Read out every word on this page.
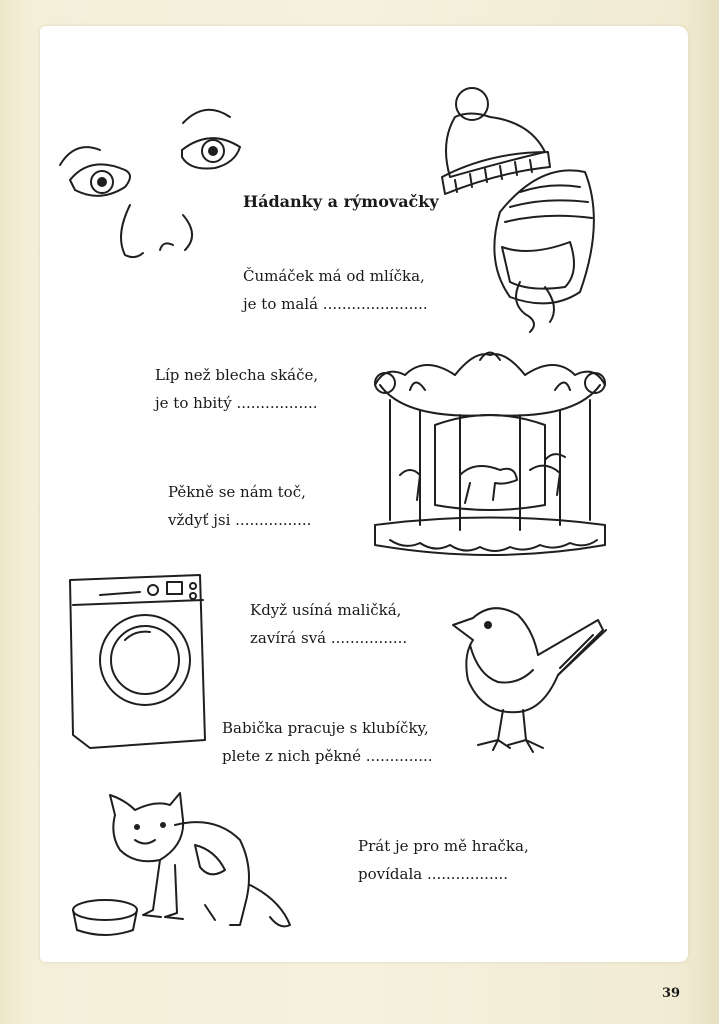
Hádanky a rýmovačky
Čumáček má od mlíčka,
je to malá ......................
Líp než blecha skáče,
je to hbitý .................
Pěkně se nám toč,
vždyť jsi ................
Když usíná maličká,
zavírá svá ................
Babička pracuje s klubíčky,
plete z nich pěkné ..............
Prát je pro mě hračka,
povídala .................
39
